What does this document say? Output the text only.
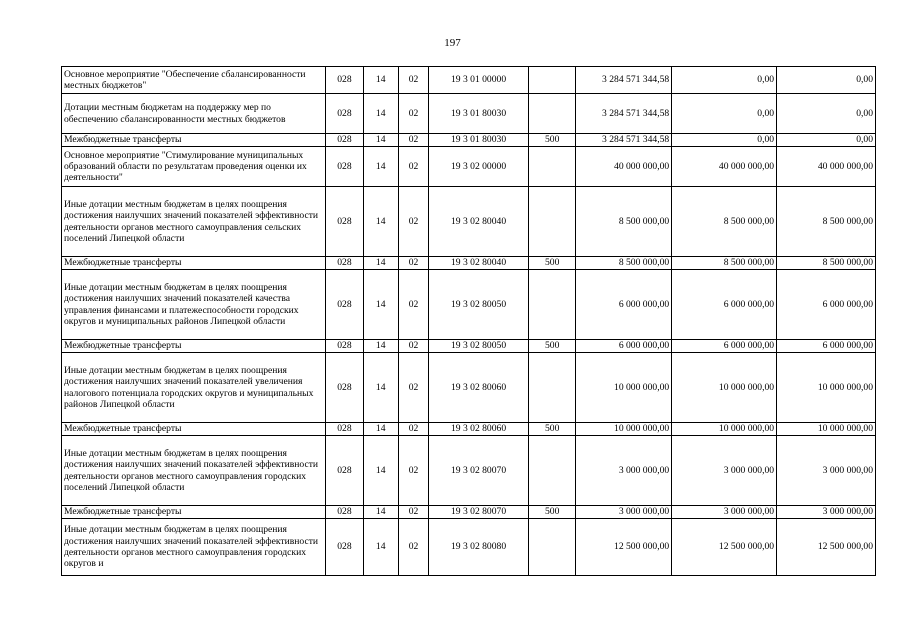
197
Основное мероприятие "Обеспечение сбалансированности местных бюджетов"	028	14	02	19 3 01 00000		3 284 571 344,58	0,00	0,00
Дотации местным бюджетам на поддержку мер по обеспечению сбалансированности местных бюджетов	028	14	02	19 3 01 80030		3 284 571 344,58	0,00	0,00
Межбюджетные трансферты	028	14	02	19 3 01 80030	500	3 284 571 344,58	0,00	0,00
Основное мероприятие "Стимулирование муниципальных образований области по результатам проведения оценки их деятельности"	028	14	02	19 3 02 00000		40 000 000,00	40 000 000,00	40 000 000,00
Иные дотации местным бюджетам в целях поощрения достижения наилучших значений показателей эффективности деятельности органов местного самоуправления сельских поселений Липецкой области	028	14	02	19 3 02 80040		8 500 000,00	8 500 000,00	8 500 000,00
Межбюджетные трансферты	028	14	02	19 3 02 80040	500	8 500 000,00	8 500 000,00	8 500 000,00
Иные дотации местным бюджетам в целях поощрения достижения наилучших значений показателей качества управления финансами и платежеспособности городских округов и муниципальных районов Липецкой области	028	14	02	19 3 02 80050		6 000 000,00	6 000 000,00	6 000 000,00
Межбюджетные трансферты	028	14	02	19 3 02 80050	500	6 000 000,00	6 000 000,00	6 000 000,00
Иные дотации местным бюджетам в целях поощрения достижения наилучших значений показателей увеличения налогового потенциала городских округов и муниципальных районов Липецкой области	028	14	02	19 3 02 80060		10 000 000,00	10 000 000,00	10 000 000,00
Межбюджетные трансферты	028	14	02	19 3 02 80060	500	10 000 000,00	10 000 000,00	10 000 000,00
Иные дотации местным бюджетам в целях поощрения достижения наилучших значений показателей эффективности деятельности органов местного самоуправления городских поселений Липецкой области	028	14	02	19 3 02 80070		3 000 000,00	3 000 000,00	3 000 000,00
Межбюджетные трансферты	028	14	02	19 3 02 80070	500	3 000 000,00	3 000 000,00	3 000 000,00
Иные дотации местным бюджетам в целях поощрения достижения наилучших значений показателей эффективности деятельности органов местного самоуправления городских округов и	028	14	02	19 3 02 80080		12 500 000,00	12 500 000,00	12 500 000,00
